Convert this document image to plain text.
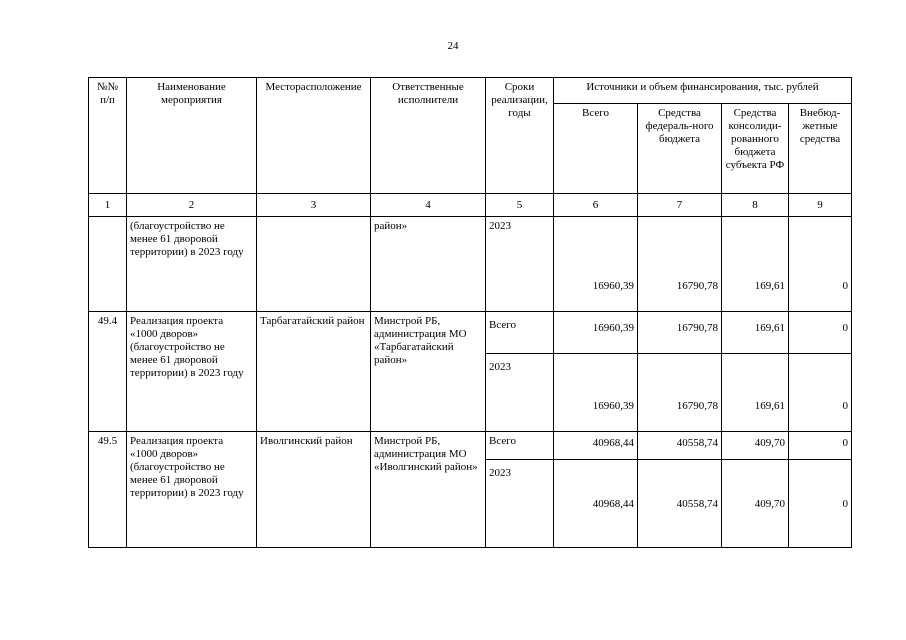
24
№№ п/п	Наименование мероприятия	Месторасположение	Ответственные исполнители	Сроки реализации, годы	Источники и объем финансирования, тыс. рублей			
					Всего	Средства федераль-ного бюджета	Средства консолиди-рованного бюджета субъекта РФ	Внебюд-жетные средства
1	2	3	4	5	6	7	8	9
	(благоустройство не менее 61 дворовой территории) в 2023 году		район»	2023	16960,39	16790,78	169,61	0
49.4	Реализация проекта «1000 дворов» (благоустройство не менее 61 дворовой территории) в 2023 году	Тарбагатайский район	Минстрой РБ, администрация МО «Тарбагатайский район»	Всего	16960,39	16790,78	169,61	0
				2023	16960,39	16790,78	169,61	0
49.5	Реализация проекта «1000 дворов» (благоустройство не менее 61 дворовой территории) в 2023 году	Иволгинский район	Минстрой РБ, администрация МО «Иволгинский район»	Всего	40968,44	40558,74	409,70	0
				2023	40968,44	40558,74	409,70	0
